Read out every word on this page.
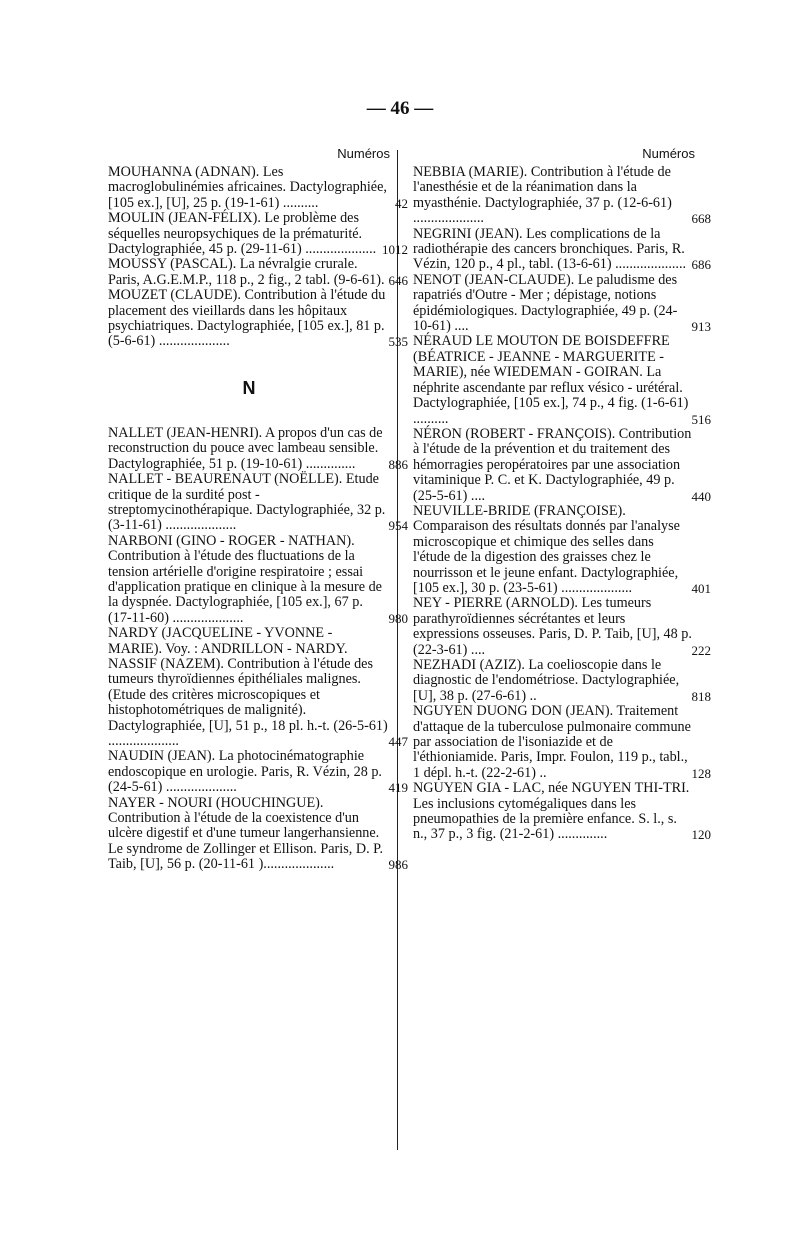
— 46 —
Numéros
MOUHANNA (ADNAN). Les macroglobulinémies africaines. Dactylographiée, [105 ex.], [U], 25 p. (19-1-61) ..........	42
MOULIN (JEAN-FÉLIX). Le problème des séquelles neuropsychiques de la prématurité. Dactylographiée, 45 p. (29-11-61) .................... 1012
MOUSSY (PASCAL). La névralgie crurale. Paris, A.G.E.M.P., 118 p., 2 fig., 2 tabl. (9-6-61). 646
MOUZET (CLAUDE). Contribution à l'étude du placement des vieillards dans les hôpitaux psychiatriques. Dactylographiée, [105 ex.], 81 p. (5-6-61) ....................	535
N
NALLET (JEAN-HENRI). A propos d'un cas de reconstruction du pouce avec lambeau sensible. Dactylographiée, 51 p. (19-10-61) ..............	886
NALLET - BEAURENAUT (NOËLLE). Etude critique de la surdité post - streptomycinothérapique. Dactylographiée, 32 p. (3-11-61) ....................	954
NARBONI (GINO - ROGER - NATHAN). Contribution à l'étude des fluctuations de la tension artérielle d'origine respiratoire ; essai d'application pratique en clinique à la mesure de la dyspnée. Dactylographiée, [105 ex.], 67 p. (17-11-60) ....................	980
NARDY (JACQUELINE - YVONNE - MARIE). Voy. : ANDRILLON - NARDY.
NASSIF (NAZEM). Contribution à l'étude des tumeurs thyroïdiennes épithéliales malignes. (Etude des critères microscopiques et histophotométriques de malignité). Dactylographiée, [U], 51 p., 18 pl. h.-t. (26-5-61) ....................	447
NAUDIN (JEAN). La photocinématographie endoscopique en urologie. Paris, R. Vézin, 28 p. (24-5-61) ....................	419
NAYER - NOURI (HOUCHINGUE). Contribution à l'étude de la coexistence d'un ulcère digestif et d'une tumeur langerhansienne. Le syndrome de Zollinger et Ellison. Paris, D. P. Taib, [U], 56 p. (20-11-61 )....................	986
Numéros
NEBBIA (MARIE). Contribution à l'étude de l'anesthésie et de la réanimation dans la myasthénie. Dactylographiée, 37 p. (12-6-61) ....................	668
NEGRINI (JEAN). Les complications de la radiothérapie des cancers bronchiques. Paris, R. Vézin, 120 p., 4 pl., tabl. (13-6-61) .................... 686
NENOT (JEAN-CLAUDE). Le paludisme des rapatriés d'Outre - Mer ; dépistage, notions épidémiologiques. Dactylographiée, 49 p. (24-10-61) ....	913
NÉRAUD LE MOUTON DE BOISDEFFRE (BÉATRICE - JEANNE - MARGUERITE - MARIE), née WIEDEMAN - GOIRAN. La néphrite ascendante par reflux vésico - urétéral. Dactylographiée, [105 ex.], 74 p., 4 fig. (1-6-61) ..........	516
NÉRON (ROBERT - FRANÇOIS). Contribution à l'étude de la prévention et du traitement des hémorragies peropératoires par une association vitaminique P. C. et K. Dactylographiée, 49 p. (25-5-61) ....	440
NEUVILLE-BRIDE (FRANÇOISE). Comparaison des résultats donnés par l'analyse microscopique et chimique des selles dans l'étude de la digestion des graisses chez le nourrisson et le jeune enfant. Dactylographiée, [105 ex.], 30 p. (23-5-61) ....................	401
NEY - PIERRE (ARNOLD). Les tumeurs parathyroïdiennes sécrétantes et leurs expressions osseuses. Paris, D. P. Taib, [U], 48 p. (22-3-61) ....	222
NEZHADI (AZIZ). La coelioscopie dans le diagnostic de l'endométriose. Dactylographiée, [U], 38 p. (27-6-61) ..	818
NGUYEN DUONG DON (JEAN). Traitement d'attaque de la tuberculose pulmonaire commune par association de l'isoniazide et de l'éthioniamide. Paris, Impr. Foulon, 119 p., tabl., 1 dépl. h.-t. (22-2-61) ..	128
NGUYEN GIA - LAC, née NGUYEN THI-TRI. Les inclusions cytomégaliques dans les pneumopathies de la première enfance. S. l., s. n., 37 p., 3 fig. (21-2-61) ..............	120
